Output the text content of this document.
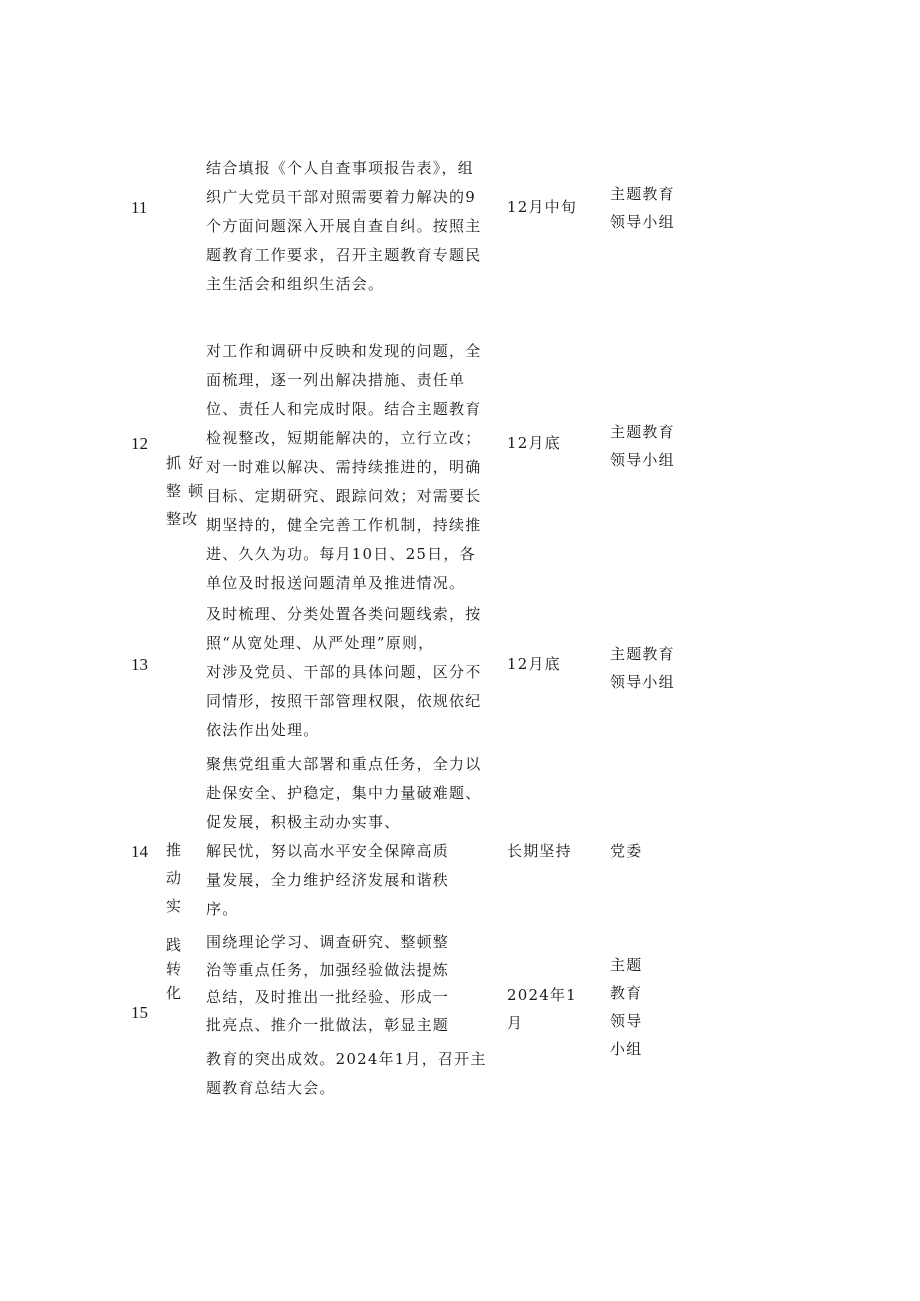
11
结合填报《个人自查事项报告表》，组
织广大党员干部对照需要着力解决的9
个方面问题深入开展自查自纠。按照主
题教育工作要求，召开主题教育专题民
主生活会和组织生活会。
12月中旬
主题教育
领导小组
12
抓 好
整 顿
整改
对工作和调研中反映和发现的问题，全
面梳理，逐一列出解决措施、责任单
位、责任人和完成时限。结合主题教育
检视整改，短期能解决的，立行立改；
对一时难以解决、需持续推进的，明确
目标、定期研究、跟踪问效；对需要长
期坚持的，健全完善工作机制，持续推
进、久久为功。每月10日、25日，各
单位及时报送问题清单及推进情况。
12月底
主题教育
领导小组
13
及时梳理、分类处置各类问题线索，按
照“从宽处理、从严处理”原则，
对涉及党员、干部的具体问题，区分不
同情形，按照干部管理权限，依规依纪
依法作出处理。
12月底
主题教育
领导小组
14 推
动
实
聚焦党组重大部署和重点任务，全力以
赴保安全、护稳定，集中力量破难题、
促发展，积极主动办实事、
解民忧，努以高水平安全保障高质
量发展，全力维护经济发展和谐秩
序。
长期坚持	党委
践
转
化
15
围绕理论学习、调查研究、整顿整
治等重点任务，加强经验做法提炼
总结，及时推出一批经验、形成一
批亮点、推介一批做法，彰显主题
教育的突出成效。2024年1月，召开主
题教育总结大会。
2024年1
月
主题
教育
领导
小组
